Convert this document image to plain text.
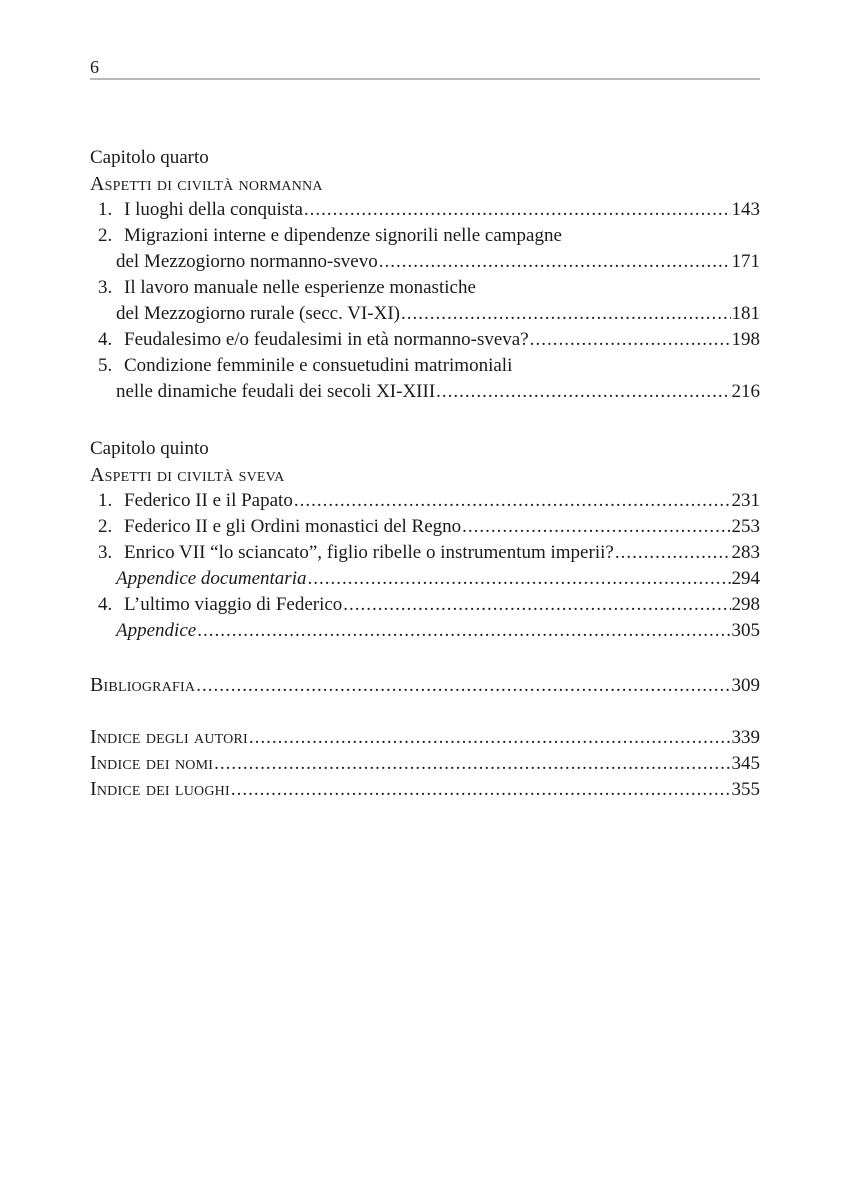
6
Capitolo quarto
Aspetti di civiltà normanna
1. I luoghi della conquista .....	143
2. Migrazioni interne e dipendenze signorili nelle campagne
del Mezzogiorno normanno-svevo .....	171
3. Il lavoro manuale nelle esperienze monastiche
del Mezzogiorno rurale (secc. VI-XI) .....	181
4. Feudalesimo e/o feudalesimi in età normanno-sveva? .....	198
5. Condizione femminile e consuetudini matrimoniali
nelle dinamiche feudali dei secoli XI-XIII .....	216
Capitolo quinto
Aspetti di civiltà sveva
1. Federico II e il Papato .....	231
2. Federico II e gli Ordini monastici del Regno .....	253
3. Enrico VII “lo sciancato”, figlio ribelle o instrumentum imperii? .....	283
Appendice documentaria .....	294
4. L’ultimo viaggio di Federico .....	298
Appendice .....	305
Bibliografia .....	309
Indice degli autori .....	339
Indice dei nomi .....	345
Indice dei luoghi .....	355
